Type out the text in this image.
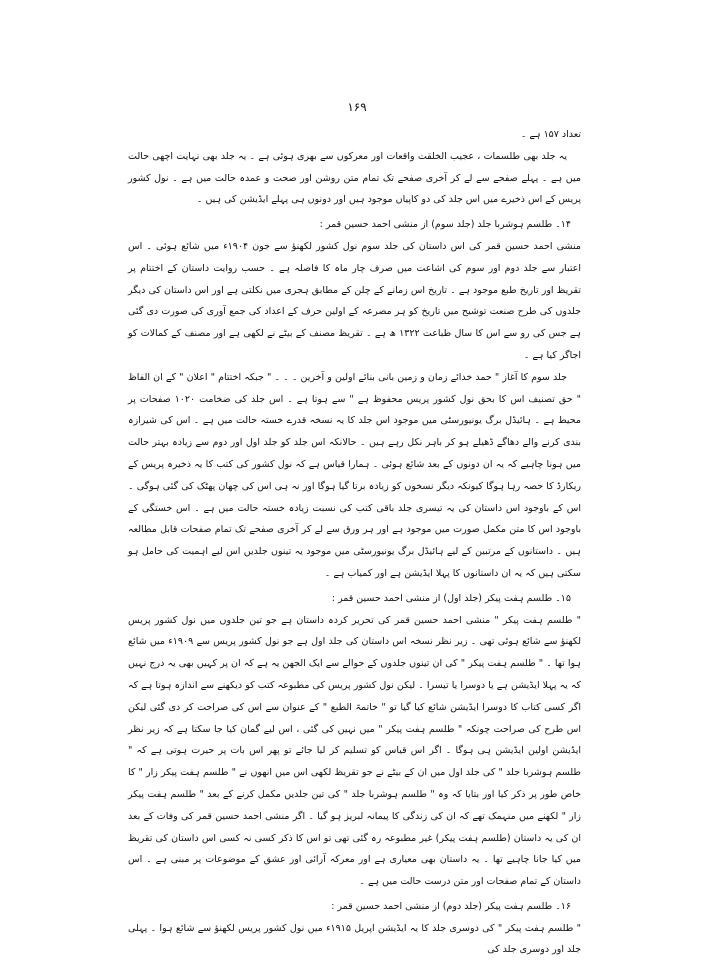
۱۶۹

تعداد ۱۵۷ ہے ۔

یہ جلد بھی طلسمات ، عجیب الخلقت واقعات اور معرکوں سے بھری ہوئی ہے ۔ یہ جلد بھی نہایت اچھی حالت میں ہے ۔ پہلے صفحے سے لے کر آخری صفحے تک تمام متن روشن اور صحت و عمدہ حالت میں ہے ۔ نول کشور پریس کے اس ذخیرے میں اس جلد کی دو کاپیاں موجود ہیں اور دونوں ہی پہلے ایڈیشن کی ہیں ۔

۱۴۔ طلسم ہوشربا جلد (جلد سوم) از منشی احمد حسین قمر :

منشی احمد حسین قمر کی اس داستان کی جلد سوم نول کشور لکھنؤ سے جون ۱۹۰۴ء میں شائع ہوئی ۔ اس اعتبار سے جلد دوم اور سوم کی اشاعت میں صرف چار ماہ کا فاصلہ ہے ۔ حسب روایت داستان کے اختتام پر تقریظ اور تاریخ طبع موجود ہے ۔ تاریخ اس زمانے کے چلن کے مطابق ہجری میں نکلتی ہے اور اس داستان کی دیگر جلدوں کی طرح صنعت توشیح میں تاریخ کو ہر مصرعہ کے اولین حرف کے اعداد کی جمع آوری کی صورت دی گئی ہے جس کی رو سے اس کا سال طباعت ۱۳۲۲ ھ ہے ۔ تقریظ مصنف کے بیٹے نے لکھی ہے اور مصنف کے کمالات کو اجاگر کیا ہے ۔

جلد سوم کا آغاز " حمد خدائے زمان و زمین بانی بنائے اولین و آخرین ۔ ۔ ۔ " جبکہ اختتام " اعلان " کے ان الفاظ " حق تصنیف اس کا بحق نول کشور پریس محفوظ ہے " سے ہوتا ہے ۔ اس جلد کی ضخامت ۱۰۲۰ صفحات پر محیط ہے ۔ ہائیڈل برگ یونیورسٹی میں موجود اس جلد کا یہ نسخہ قدرے خستہ حالت میں ہے ۔ اس کی شیرازہ بندی کرنے والے دھاگے ڈھیلے ہو کر باہر نکل رہے ہیں ۔ حالانکہ اس جلد کو جلد اول اور دوم سے زیادہ بہتر حالت میں ہونا چاہیے کہ یہ ان دونوں کے بعد شائع ہوئی ۔ ہمارا قیاس ہے کہ نول کشور کی کتب کا یہ ذخیرہ پریس کے ریکارڈ کا حصہ رہا ہوگا کیونکہ دیگر نسخوں کو زیادہ برتا گیا ہوگا اور نہ ہی اس کی چھان پھٹک کی گئی ہوگی ۔ اس کے باوجود اس داستان کی یہ تیسری جلد باقی کتب کی نسبت زیادہ خستہ حالت میں ہے ۔ اس خستگی کے باوجود اس کا متن مکمل صورت میں موجود ہے اور ہر ورق سے لے کر آخری صفحے تک تمام صفحات قابل مطالعہ ہیں ۔ داستانوں کے مرتبین کے لیے ہائیڈل برگ یونیورسٹی میں موجود یہ تینوں جلدیں اس لیے اہمیت کی حامل ہو سکتی ہیں کہ یہ ان داستانوں کا پہلا ایڈیشن ہے اور کمیاب ہے ۔

۱۵۔ طلسم ہفت پیکر (جلد اول) از منشی احمد حسین قمر :

" طلسم ہفت پیکر " منشی احمد حسین قمر کی تحریر کردہ داستان ہے جو تین جلدوں میں نول کشور پریس لکھنؤ سے شائع ہوئی تھی ۔ زیر نظر نسخہ اس داستان کی جلد اول ہے جو نول کشور پریس سے ۱۹۰۹ء میں شائع ہوا تھا ۔ " طلسم ہفت پیکر " کی ان تینوں جلدوں کے حوالے سے ایک الجھن یہ ہے کہ ان پر کہیں بھی یہ درج نہیں کہ یہ پہلا ایڈیشن ہے یا دوسرا یا تیسرا ۔ لیکن نول کشور پریس کی مطبوعہ کتب کو دیکھنے سے اندازہ ہوتا ہے کہ اگر کسی کتاب کا دوسرا ایڈیشن شائع کیا گیا تو " خاتمۃ الطبع " کے عنوان سے اس کی صراحت کر دی گئی لیکن اس طرح کی صراحت چونکہ " طلسم ہفت پیکر " میں نہیں کی گئی ، اس لیے گمان کیا جا سکتا ہے کہ زیر نظر ایڈیشن اولین ایڈیشن ہی ہوگا ۔ اگر اس قیاس کو تسلیم کر لیا جائے تو پھر اس بات پر حیرت ہوتی ہے کہ " طلسم ہوشربا جلد " کی جلد اول میں ان کے بیٹے نے جو تقریظ لکھی اس میں انھوں نے " طلسم ہفت پیکر زار " کا خاص طور پر ذکر کیا اور بتایا کہ وہ " طلسم ہوشربا جلد " کی تین جلدیں مکمل کرنے کے بعد " طلسم ہفت پیکر زار " لکھنے میں منہمک تھے کہ ان کی زندگی کا پیمانہ لبریز ہو گیا ۔ اگر منشی احمد حسین قمر کی وفات کے بعد ان کی یہ داستان (طلسم ہفت پیکر) غیر مطبوعہ رہ گئی تھی تو اس کا ذکر کسی نہ کسی اس داستان کی تقریظ میں کیا جانا چاہیے تھا ۔ یہ داستان بھی معیاری ہے اور معرکہ آرائی اور عشق کے موضوعات پر مبنی ہے ۔ اس داستان کے تمام صفحات اور متن درست حالت میں ہے ۔

۱۶۔ طلسم ہفت پیکر (جلد دوم) از منشی احمد حسین قمر :

" طلسم ہفت پیکر " کی دوسری جلد کا یہ ایڈیشن اپریل ۱۹۱۵ء میں نول کشور پریس لکھنؤ سے شائع ہوا ۔ پہلی جلد اور دوسری جلد کی
